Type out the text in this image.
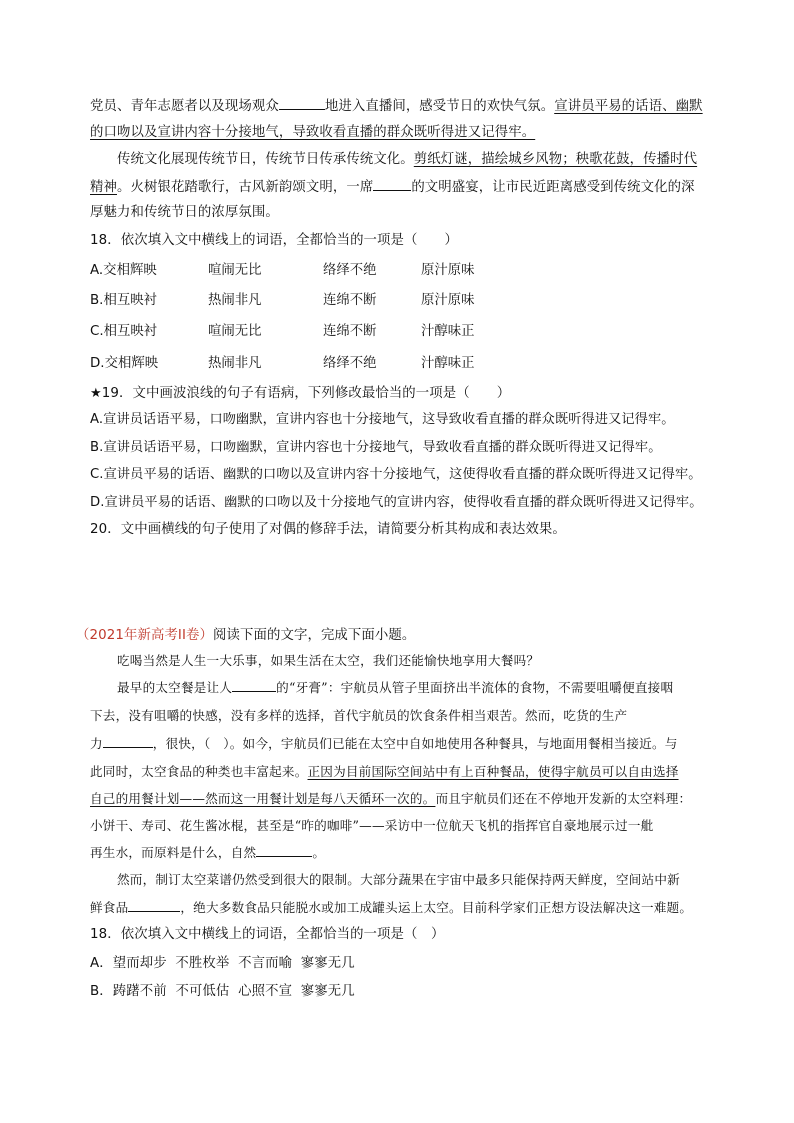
党员、青年志愿者以及现场观众	地进入直播间，感受节日的欢快气氛。宣讲员平易的话语、幽默
的口吻以及宣讲内容十分接地气，导致收看直播的群众既听得进又记得牢。
传统文化展现传统节日，传统节日传承传统文化。剪纸灯谜，描绘城乡风物；秧歌花鼓，传播时代
精神。火树银花踏歌行，古风新韵颂文明，一席	的文明盛宴，让市民近距离感受到传统文化的深
厚魅力和传统节日的浓厚氛围。
18．依次填入文中横线上的词语，全都恰当的一项是（　　）
A.交相辉映	喧闹无比	络绎不绝	原汁原味
B.相互映衬	热闹非凡	连绵不断	原汁原味
C.相互映衬	喧闹无比	连绵不断	汁醇味正
D.交相辉映	热闹非凡	络绎不绝	汁醇味正
★19．文中画波浪线的句子有语病，下列修改最恰当的一项是（　　）
A.宣讲员话语平易，口吻幽默，宣讲内容也十分接地气，这导致收看直播的群众既听得进又记得牢。
B.宣讲员话语平易，口吻幽默，宣讲内容也十分接地气，导致收看直播的群众既听得进又记得牢。
C.宣讲员平易的话语、幽默的口吻以及宣讲内容十分接地气，这使得收看直播的群众既听得进又记得牢。
D.宣讲员平易的话语、幽默的口吻以及十分接地气的宣讲内容，使得收看直播的群众既听得进又记得牢。
20．文中画横线的句子使用了对偶的修辞手法，请简要分析其构成和表达效果。
（2021年新高考II卷）阅读下面的文字，完成下面小题。
吃喝当然是人生一大乐事，如果生活在太空，我们还能愉快地享用大餐吗？
最早的太空餐是让人	的“牙膏”：宇航员从管子里面挤出半流体的食物，不需要咀嚼便直接咽
下去，没有咀嚼的快感，没有多样的选择，首代宇航员的饮食条件相当艰苦。然而，吃货的生产
力	，很快，（　）。如今，宇航员们已能在太空中自如地使用各种餐具，与地面用餐相当接近。与
此同时，太空食品的种类也丰富起来。正因为目前国际空间站中有上百种餐品，使得宇航员可以自由选择
自己的用餐计划——然而这一用餐计划是每八天循环一次的。而且宇航员们还在不停地开发新的太空料理：
小饼干、寿司、花生酱冰棍，甚至是“昨的咖啡”——采访中一位航天飞机的指挥官自豪地展示过一舭
再生水，而原料是什么，自然	。
然而，制订太空菜谱仍然受到很大的限制。大部分蔬果在宇宙中最多只能保持两天鲜度，空间站中新
鲜食品	，绝大多数食品只能脱水或加工成罐头运上太空。目前科学家们正想方设法解决这一难题。
18．依次填入文中横线上的词语，全都恰当的一项是（　）
A．望而却步  不胜枚举  不言而喻  寥寥无几
B．踌躇不前  不可低估  心照不宣  寥寥无几
